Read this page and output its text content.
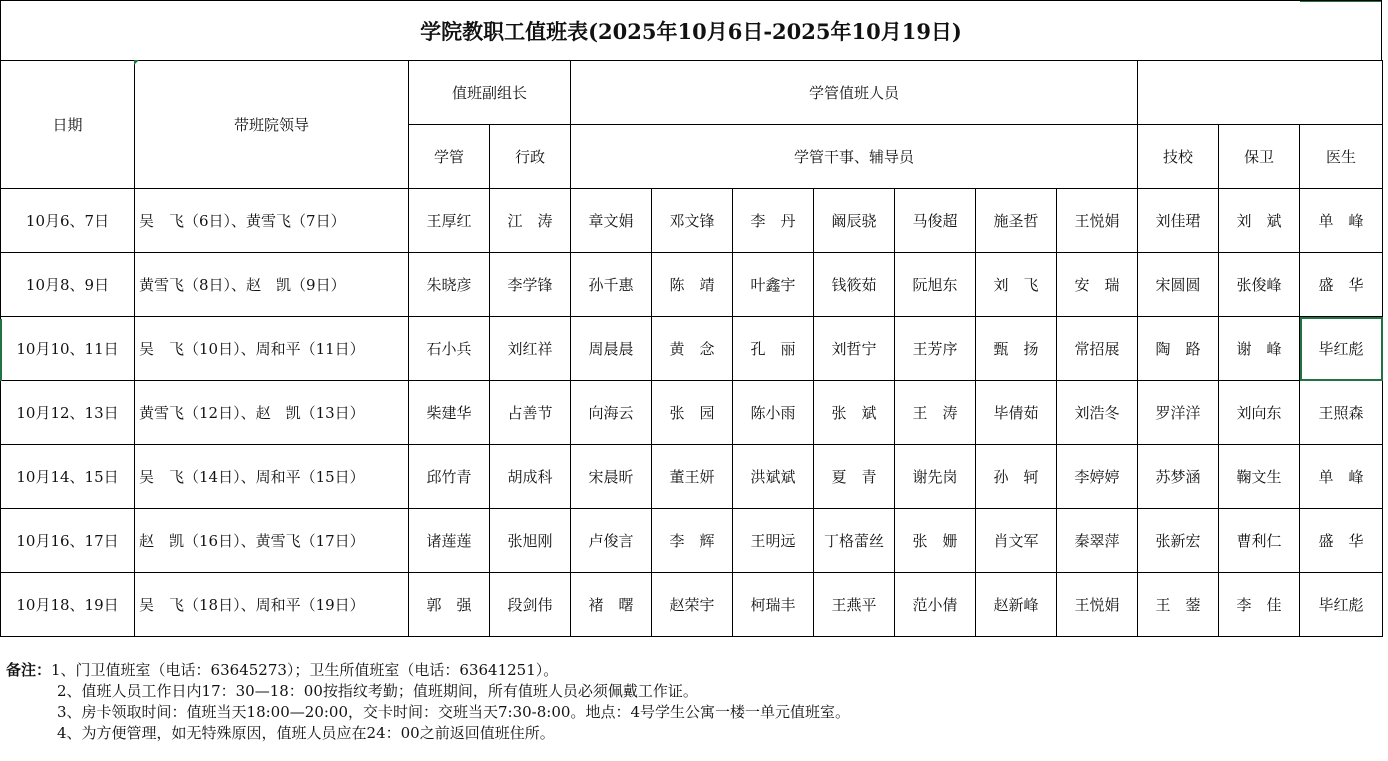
学院教职工值班表(2025年10月6日-2025年10月19日)
日期	带班院领导	值班副组长		学管值班人员									
		学管	行政	学管干事、辅导员							技校	保卫	医生
10月6、7日	吴　飞（6日）、黄雪飞（7日）	王厚红	江　涛	章文娟	邓文锋	李　丹	阚辰骁	马俊超	施圣哲	王悦娟	刘佳珺	刘　斌	单　峰
10月8、9日	黄雪飞（8日）、赵　凯（9日）	朱晓彦	李学锋	孙千惠	陈　靖	叶鑫宇	钱筱茹	阮旭东	刘　飞	安　瑞	宋圆圆	张俊峰	盛　华
10月10、11日	吴　飞（10日）、周和平（11日）	石小兵	刘红祥	周晨晨	黄　念	孔　丽	刘哲宁	王芳序	甄　扬	常招展	陶　路	谢　峰	毕红彪
10月12、13日	黄雪飞（12日）、赵　凯（13日）	柴建华	占善节	向海云	张　园	陈小雨	张　斌	王　涛	毕倩茹	刘浩冬	罗洋洋	刘向东	王照森
10月14、15日	吴　飞（14日）、周和平（15日）	邱竹青	胡成科	宋晨昕	董王妍	洪斌斌	夏　青	谢先岗	孙　轲	李婷婷	苏梦涵	鞠文生	单　峰
10月16、17日	赵　凯（16日）、黄雪飞（17日）	诸莲莲	张旭刚	卢俊言	李　辉	王明远	丁格蕾丝	张　姗	肖文军	秦翠萍	张新宏	曹利仁	盛　华
10月18、19日	吴　飞（18日）、周和平（19日）	郭　强	段剑伟	褚　曙	赵荣宇	柯瑞丰	王燕平	范小倩	赵新峰	王悦娟	王　蓥	李　佳	毕红彪
备注：1、门卫值班室（电话：63645273）；卫生所值班室（电话：63641251）。
2、值班人员工作日内17：30—18：00按指纹考勤；值班期间，所有值班人员必须佩戴工作证。
3、房卡领取时间：值班当天18:00—20:00，交卡时间：交班当天7:30-8:00。地点：4号学生公寓一楼一单元值班室。
4、为方便管理，如无特殊原因，值班人员应在24：00之前返回值班住所。
